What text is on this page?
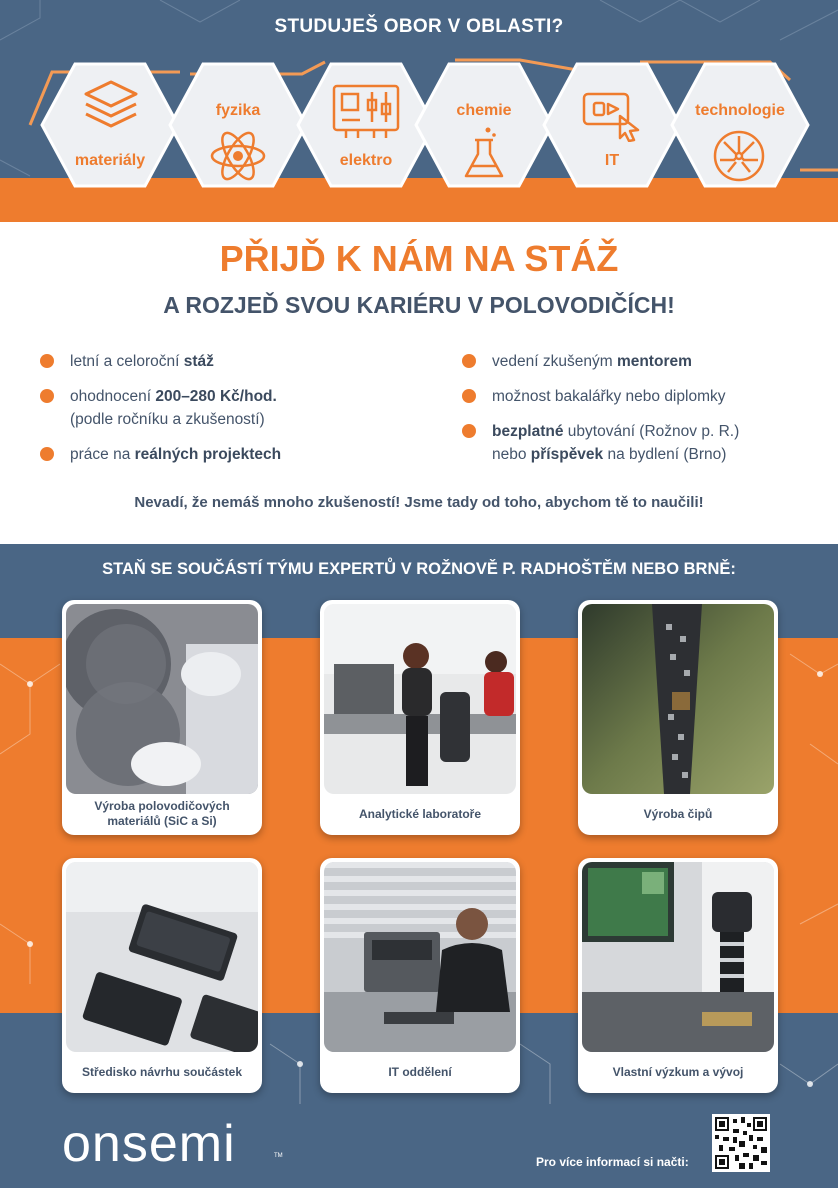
STUDUJEŠ OBOR V OBLASTI?
materiály
fyzika
elektro
chemie
IT
technologie
PŘIJĎ K NÁM NA STÁŽ
A ROZJEĎ SVOU KARIÉRU V POLOVODIČÍCH!
letní a celoroční stáž
ohodnocení 200–280 Kč/hod.
(podle ročníku a zkušeností)
práce na reálných projektech
vedení zkušeným mentorem
možnost bakalářky nebo diplomky
bezplatné ubytování (Rožnov p. R.)
nebo příspěvek na bydlení (Brno)
Nevadí, že nemáš mnoho zkušeností! Jsme tady od toho, abychom tě to naučili!
STAŇ SE SOUČÁSTÍ TÝMU EXPERTŮ V ROŽNOVĚ P. RADHOŠTĚM NEBO BRNĚ:
Výroba polovodičových materiálů (SiC a Si)
Analytické laboratoře	Výroba čipů
Středisko návrhu součástek	IT oddělení	Vlastní výzkum a vývoj
onsemi	TM	Pro více informací si načti:
